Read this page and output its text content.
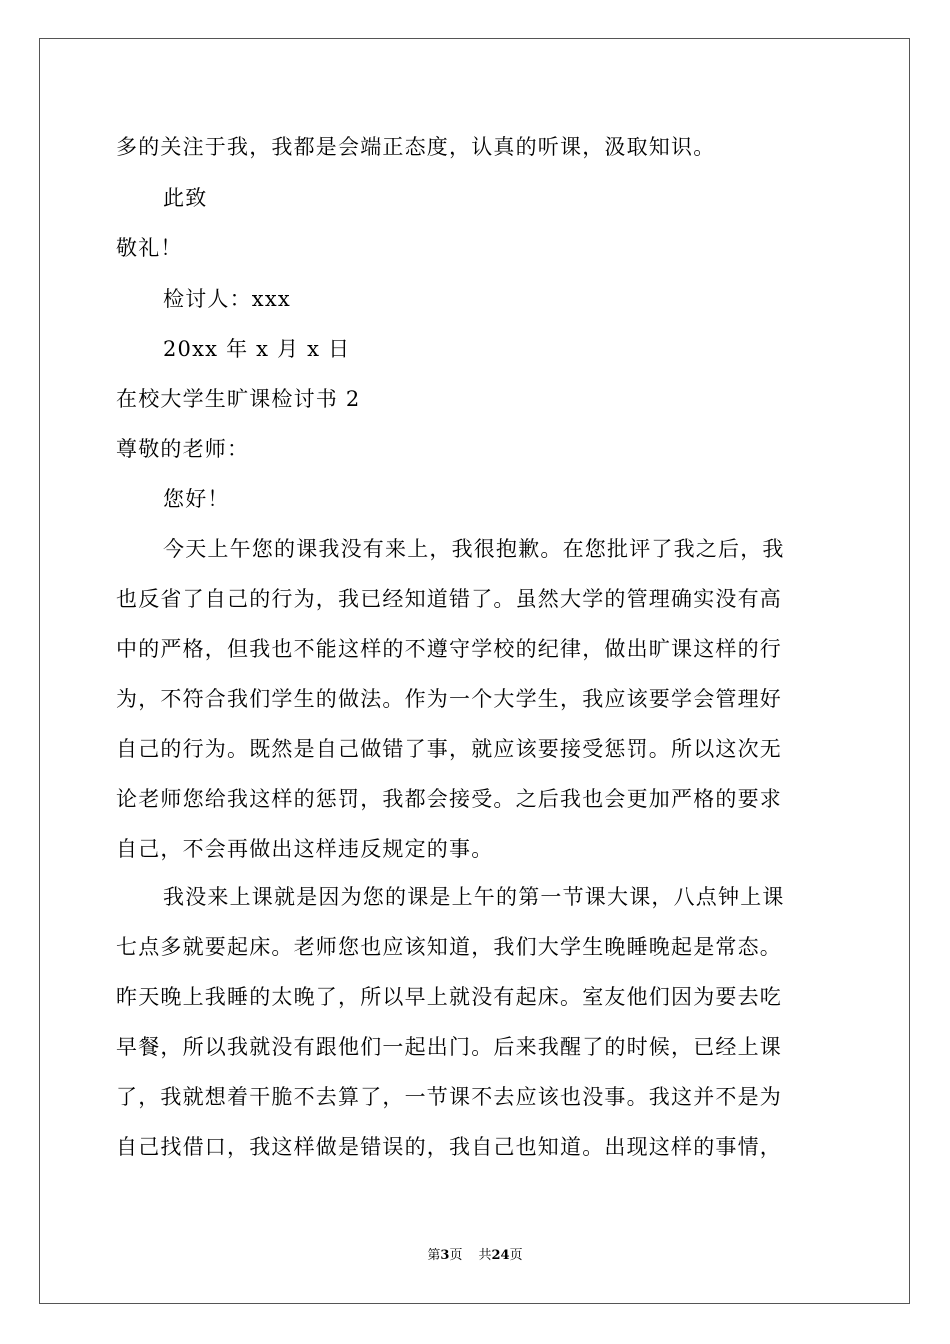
多的关注于我，我都是会端正态度，认真的听课，汲取知识。
此致
敬礼！
检讨人：xxx
20xx 年 x 月 x 日
在校大学生旷课检讨书 2
尊敬的老师：
您好！
今天上午您的课我没有来上，我很抱歉。在您批评了我之后，我
也反省了自己的行为，我已经知道错了。虽然大学的管理确实没有高
中的严格，但我也不能这样的不遵守学校的纪律，做出旷课这样的行
为，不符合我们学生的做法。作为一个大学生，我应该要学会管理好
自己的行为。既然是自己做错了事，就应该要接受惩罚。所以这次无
论老师您给我这样的惩罚，我都会接受。之后我也会更加严格的要求
自己，不会再做出这样违反规定的事。
我没来上课就是因为您的课是上午的第一节课大课，八点钟上课
七点多就要起床。老师您也应该知道，我们大学生晚睡晚起是常态。
昨天晚上我睡的太晚了，所以早上就没有起床。室友他们因为要去吃
早餐，所以我就没有跟他们一起出门。后来我醒了的时候，已经上课
了，我就想着干脆不去算了，一节课不去应该也没事。我这并不是为
自己找借口，我这样做是错误的，我自己也知道。出现这样的事情，
第3页 共24页
